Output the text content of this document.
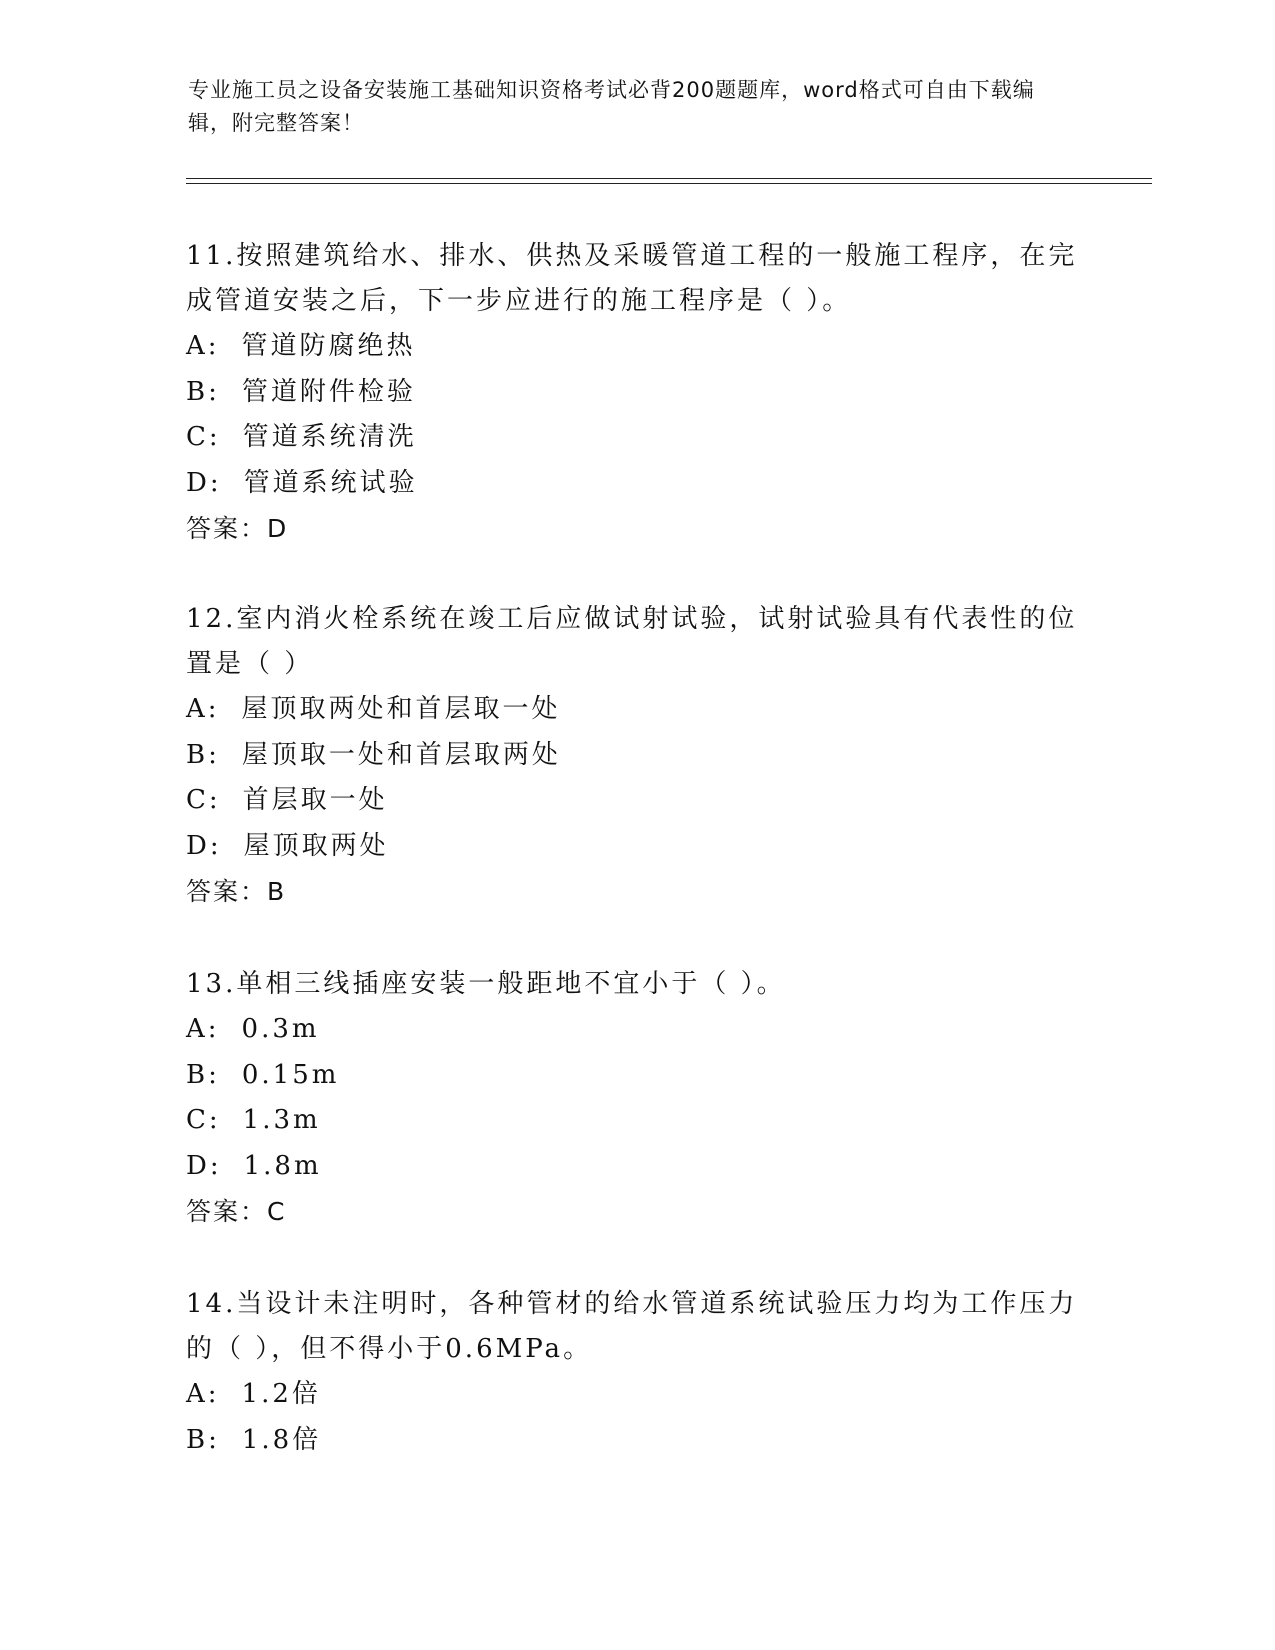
专业施工员之设备安装施工基础知识资格考试必背200题题库，word格式可自由下载编辑，附完整答案！

11.按照建筑给水、排水、供热及采暖管道工程的一般施工程序，在完成管道安装之后，下一步应进行的施工程序是（ ）。

A: 管道防腐绝热

B: 管道附件检验

C: 管道系统清洗

D: 管道系统试验

答案：D

12.室内消火栓系统在竣工后应做试射试验，试射试验具有代表性的位置是（ ）

A: 屋顶取两处和首层取一处

B: 屋顶取一处和首层取两处

C: 首层取一处

D: 屋顶取两处

答案：B

13.单相三线插座安装一般距地不宜小于（ ）。

A: 0.3m

B: 0.15m

C: 1.3m

D: 1.8m

答案：C

14.当设计未注明时，各种管材的给水管道系统试验压力均为工作压力的（ ），但不得小于0.6MPa。

A: 1.2倍

B: 1.8倍
